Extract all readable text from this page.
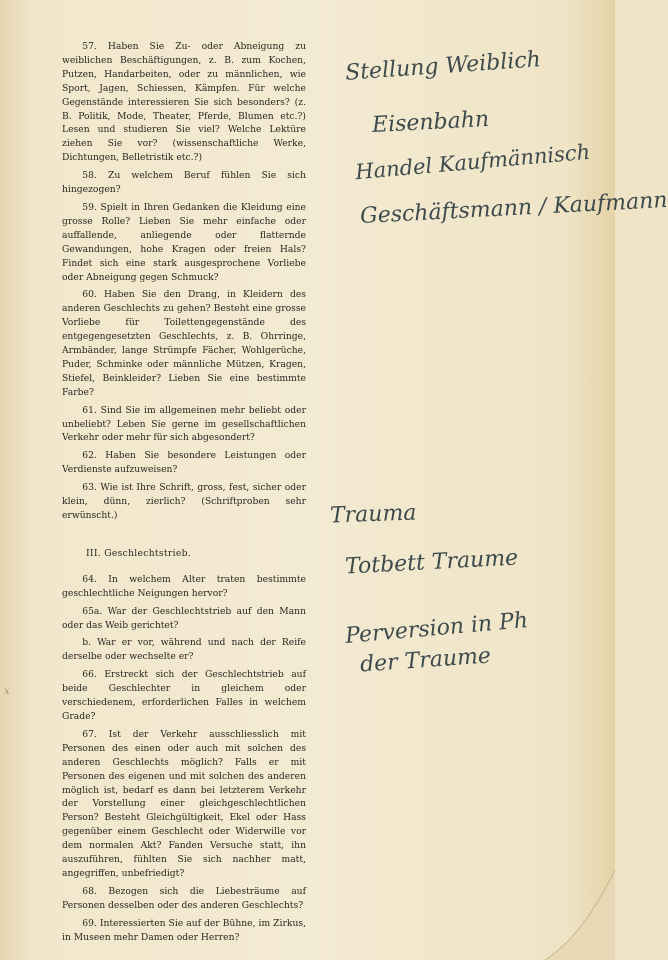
57. Haben Sie Zu- oder Abneigung zu weiblichen Beschäftigungen, z. B. zum Kochen, Putzen, Handarbeiten, oder zu männlichen, wie Sport, Jagen, Schiessen, Kämpfen. Für welche Gegenstände interessieren Sie sich besonders? (z. B. Politik, Mode, Theater, Pferde, Blumen etc.?) Lesen und studieren Sie viel? Welche Lektüre ziehen Sie vor? (wissenschaftliche Werke, Dichtungen, Belletristik etc.?)

58. Zu welchem Beruf fühlen Sie sich hingezogen?

59. Spielt in Ihren Gedanken die Kleidung eine grosse Rolle? Lieben Sie mehr einfache oder auffallende, anliegende oder flatternde Gewandungen, hohe Kragen oder freien Hals? Findet sich eine stark ausgesprochene Vorliebe oder Abneigung gegen Schmuck?

60. Haben Sie den Drang, in Kleidern des anderen Geschlechts zu gehen? Besteht eine grosse Vorliebe für Toilettengegenstände des entgegengesetzten Geschlechts, z. B. Ohrringe, Armbänder, lange Strümpfe Fächer, Wohlgerüche, Puder, Schminke oder männliche Mützen, Kragen, Stiefel, Beinkleider? Lieben Sie eine bestimmte Farbe?

61. Sind Sie im allgemeinen mehr beliebt oder unbeliebt? Leben Sie gerne im gesellschaftlichen Verkehr oder mehr für sich abgesondert?

62. Haben Sie besondere Leistungen oder Verdienste aufzuweisen?

63. Wie ist Ihre Schrift, gross, fest, sicher oder klein, dünn, zierlich? (Schriftproben sehr erwünscht.)

III. Geschlechtstrieb.

64. In welchem Alter traten bestimmte geschlechtliche Neigungen hervor?

65a. War der Geschlechtstrieb auf den Mann oder das Weib gerichtet?

b. War er vor, während und nach der Reife derselbe oder wechselte er?

66. Erstreckt sich der Geschlechtstrieb auf beide Geschlechter in gleichem oder verschiedenem, erforderlichen Falles in welchem Grade?

67. Ist der Verkehr ausschliesslich mit Personen des einen oder auch mit solchen des anderen Geschlechts möglich? Falls er mit Personen des eigenen und mit solchen des anderen möglich ist, bedarf es dann bei letzterem Verkehr der Vorstellung einer gleichgeschlechtlichen Person? Besteht Gleichgültigkeit, Ekel oder Hass gegenüber einem Geschlecht oder Widerwille vor dem normalen Akt? Fanden Versuche statt, ihn auszuführen, fühlten Sie sich nachher matt, angegriffen, unbefriedigt?

68. Bezogen sich die Liebesträume auf Personen desselben oder des anderen Geschlechts?

69. Interessierten Sie auf der Bühne, im Zirkus, in Museen mehr Damen oder Herren?

Stellung Weiblich
Eisenbahn
Handel Kaufmännisch
Geschäftsmann / Kaufmann
Trauma
Totbett Traume
Perversion in Ph
der Traume
x
